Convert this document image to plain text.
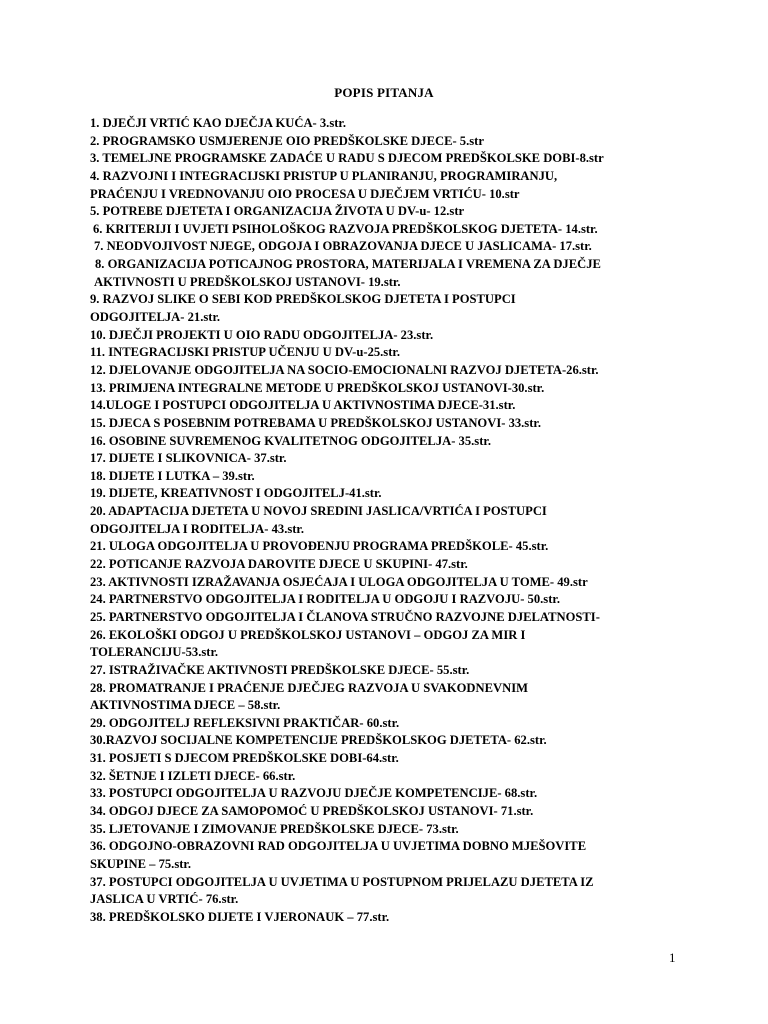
POPIS PITANJA
1. DJEČJI VRTIĆ KAO DJEČJA KUĆA- 3.str.
2. PROGRAMSKO USMJERENJE OIO PREDŠKOLSKE DJECE- 5.str
3. TEMELJNE PROGRAMSKE ZADAĆE U RADU S DJECOM PREDŠKOLSKE DOBI-8.str
4. RAZVOJNI I INTEGRACIJSKI PRISTUP U PLANIRANJU, PROGRAMIRANJU,
PRAĆENJU I VREDNOVANJU OIO PROCESA U DJEČJEM VRTIĆU- 10.str
5. POTREBE DJETETA I ORGANIZACIJA ŽIVOTA U DV-u- 12.str
6. KRITERIJI I UVJETI PSIHOLOŠKOG RAZVOJA PREDŠKOLSKOG DJETETA- 14.str.
7. NEODVOJIVOST NJEGE, ODGOJA I OBRAZOVANJA DJECE U JASLICAMA- 17.str.
8. ORGANIZACIJA POTICAJNOG PROSTORA, MATERIJALA I VREMENA ZA DJEČJE
AKTIVNOSTI U PREDŠKOLSKOJ USTANOVI- 19.str.
9. RAZVOJ SLIKE O SEBI KOD PREDŠKOLSKOG DJETETA I POSTUPCI
ODGOJITELJA- 21.str.
10. DJEČJI PROJEKTI U OIO RADU ODGOJITELJA- 23.str.
11. INTEGRACIJSKI PRISTUP UČENJU U DV-u-25.str.
12. DJELOVANJE ODGOJITELJA NA SOCIO-EMOCIONALNI RAZVOJ DJETETA-26.str.
13. PRIMJENA INTEGRALNE METODE U PREDŠKOLSKOJ USTANOVI-30.str.
14.ULOGE I POSTUPCI ODGOJITELJA U AKTIVNOSTIMA DJECE-31.str.
15. DJECA S POSEBNIM POTREBAMA U PREDŠKOLSKOJ USTANOVI- 33.str.
16. OSOBINE SUVREMENOG KVALITETNOG ODGOJITELJA- 35.str.
17. DIJETE I SLIKOVNICA- 37.str.
18. DIJETE I LUTKA – 39.str.
19. DIJETE, KREATIVNOST I ODGOJITELJ-41.str.
20. ADAPTACIJA DJETETA U NOVOJ SREDINI JASLICA/VRTIĆA I POSTUPCI
ODGOJITELJA I RODITELJA- 43.str.
21. ULOGA ODGOJITELJA U PROVOĐENJU PROGRAMA PREDŠKOLE- 45.str.
22. POTICANJE RAZVOJA DAROVITE DJECE U SKUPINI- 47.str.
23. AKTIVNOSTI IZRAŽAVANJA OSJEĆAJA I ULOGA ODGOJITELJA U TOME- 49.str
24. PARTNERSTVO ODGOJITELJA I RODITELJA U ODGOJU I RAZVOJU- 50.str.
25. PARTNERSTVO ODGOJITELJA I ČLANOVA STRUČNO RAZVOJNE DJELATNOSTI-
26. EKOLOŠKI ODGOJ U PREDŠKOLSKOJ USTANOVI – ODGOJ ZA MIR I
TOLERANCIJU-53.str.
27. ISTRAŽIVAČKE AKTIVNOSTI PREDŠKOLSKE DJECE- 55.str.
28. PROMATRANJE I PRAĆENJE DJEČJEG RAZVOJA U SVAKODNEVNIM
AKTIVNOSTIMA DJECE – 58.str.
29. ODGOJITELJ REFLEKSIVNI PRAKTIČAR- 60.str.
30.RAZVOJ SOCIJALNE KOMPETENCIJE PREDŠKOLSKOG DJETETA- 62.str.
31. POSJETI S DJECOM PREDŠKOLSKE DOBI-64.str.
32. ŠETNJE I IZLETI DJECE- 66.str.
33. POSTUPCI ODGOJITELJA U RAZVOJU DJEČJE KOMPETENCIJE- 68.str.
34. ODGOJ DJECE ZA SAMOPOMOĆ U PREDŠKOLSKOJ USTANOVI- 71.str.
35. LJETOVANJE I ZIMOVANJE PREDŠKOLSKE DJECE- 73.str.
36. ODGOJNO-OBRAZOVNI RAD ODGOJITELJA U UVJETIMA DOBNO MJEŠOVITE
SKUPINE – 75.str.
37. POSTUPCI ODGOJITELJA U UVJETIMA U POSTUPNOM PRIJELAZU DJETETA IZ
JASLICA U VRTIĆ- 76.str.
38. PREDŠKOLSKO DIJETE I VJERONAUK – 77.str.
1
